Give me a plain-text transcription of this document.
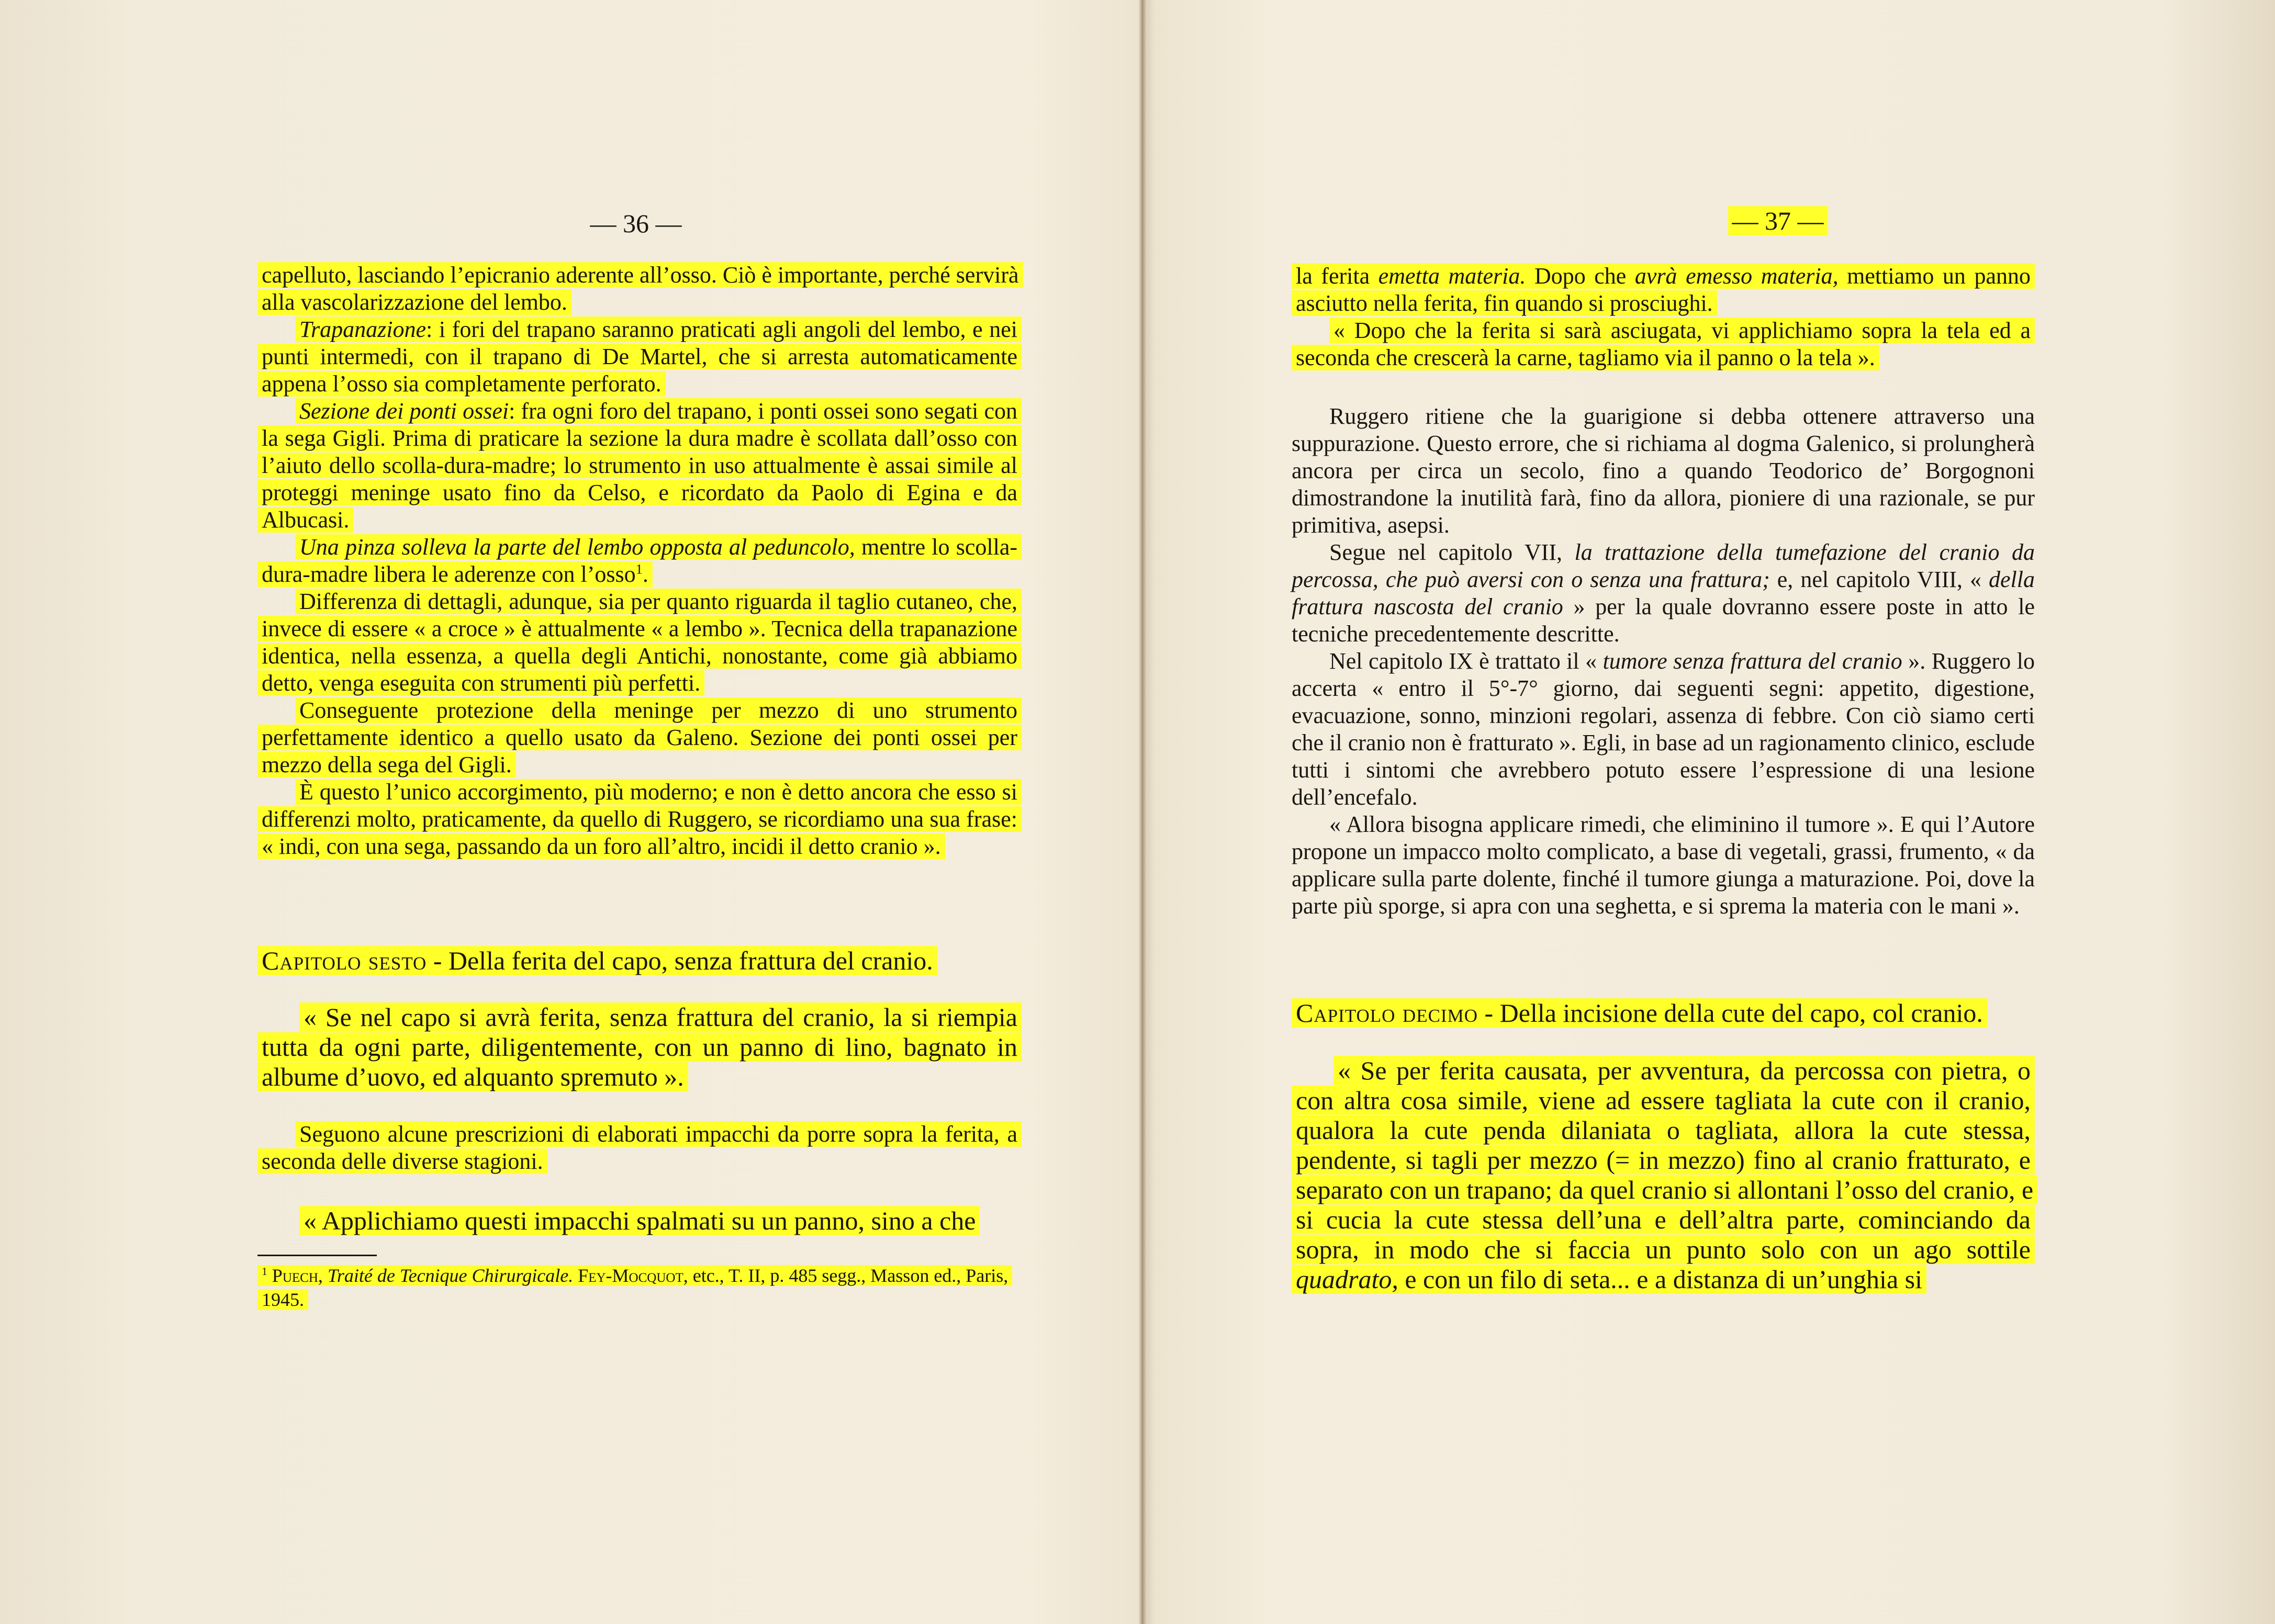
— 36 —

capelluto, lasciando l’epicranio aderente all’osso. Ciò è importante, perché servirà alla vascolarizzazione del lembo.

Trapanazione: i fori del trapano saranno praticati agli angoli del lembo, e nei punti intermedi, con il trapano di De Martel, che si arresta automaticamente appena l’osso sia completamente perforato.

Sezione dei ponti ossei: fra ogni foro del trapano, i ponti ossei sono segati con la sega Gigli. Prima di praticare la sezione la dura madre è scollata dall’osso con l’aiuto dello scolla-dura-madre; lo strumento in uso attualmente è assai simile al proteggi meninge usato fino da Celso, e ricordato da Paolo di Egina e da Albucasi.

Una pinza solleva la parte del lembo opposta al peduncolo, mentre lo scolla-dura-madre libera le aderenze con l’osso$^1$.

Differenza di dettagli, adunque, sia per quanto riguarda il taglio cutaneo, che, invece di essere « a croce » è attualmente « a lembo ». Tecnica della trapanazione identica, nella essenza, a quella degli Antichi, nonostante, come già abbiamo detto, venga eseguita con strumenti più perfetti.

Conseguente protezione della meninge per mezzo di uno strumento perfettamente identico a quello usato da Galeno. Sezione dei ponti ossei per mezzo della sega del Gigli.

È questo l’unico accorgimento, più moderno; e non è detto ancora che esso si differenzi molto, praticamente, da quello di Ruggero, se ricordiamo una sua frase: « indi, con una sega, passando da un foro all’altro, incidi il detto cranio ».

Capitolo sesto - Della ferita del capo, senza frattura del cranio.

« Se nel capo si avrà ferita, senza frattura del cranio, la si riempia tutta da ogni parte, diligentemente, con un panno di lino, bagnato in albume d’uovo, ed alquanto spremuto ».

Seguono alcune prescrizioni di elaborati impacchi da porre sopra la ferita, a seconda delle diverse stagioni.

« Applichiamo questi impacchi spalmati su un panno, sino a che

$^1$ Puech, Traité de Tecnique Chirurgicale. Fey-Mocquot, etc., T. II, p. 485 segg., Masson ed., Paris, 1945.
— 37 —

la ferita emetta materia. Dopo che avrà emesso materia, mettiamo un panno asciutto nella ferita, fin quando si prosciughi.

« Dopo che la ferita si sarà asciugata, vi applichiamo sopra la tela ed a seconda che crescerà la carne, tagliamo via il panno o la tela ».

Ruggero ritiene che la guarigione si debba ottenere attraverso una suppurazione. Questo errore, che si richiama al dogma Galenico, si prolungherà ancora per circa un secolo, fino a quando Teodorico de’ Borgognoni dimostrandone la inutilità farà, fino da allora, pioniere di una razionale, se pur primitiva, asepsi.

Segue nel capitolo VII, la trattazione della tumefazione del cranio da percossa, che può aversi con o senza una frattura; e, nel capitolo VIII, « della frattura nascosta del cranio » per la quale dovranno essere poste in atto le tecniche precedentemente descritte.

Nel capitolo IX è trattato il « tumore senza frattura del cranio ». Ruggero lo accerta « entro il 5°-7° giorno, dai seguenti segni: appetito, digestione, evacuazione, sonno, minzioni regolari, assenza di febbre. Con ciò siamo certi che il cranio non è fratturato ». Egli, in base ad un ragionamento clinico, esclude tutti i sintomi che avrebbero potuto essere l’espressione di una lesione dell’encefalo.

« Allora bisogna applicare rimedi, che eliminino il tumore ». E qui l’Autore propone un impacco molto complicato, a base di vegetali, grassi, frumento, « da applicare sulla parte dolente, finché il tumore giunga a maturazione. Poi, dove la parte più sporge, si apra con una seghetta, e si sprema la materia con le mani ».

Capitolo decimo - Della incisione della cute del capo, col cranio.

« Se per ferita causata, per avventura, da percossa con pietra, o con altra cosa simile, viene ad essere tagliata la cute con il cranio, qualora la cute penda dilaniata o tagliata, allora la cute stessa, pendente, si tagli per mezzo (= in mezzo) fino al cranio fratturato, e separato con un trapano; da quel cranio si allontani l’osso del cranio, e si cucia la cute stessa dell’una e dell’altra parte, cominciando da sopra, in modo che si faccia un punto solo con un ago sottile quadrato, e con un filo di seta... e a distanza di un’unghia si
